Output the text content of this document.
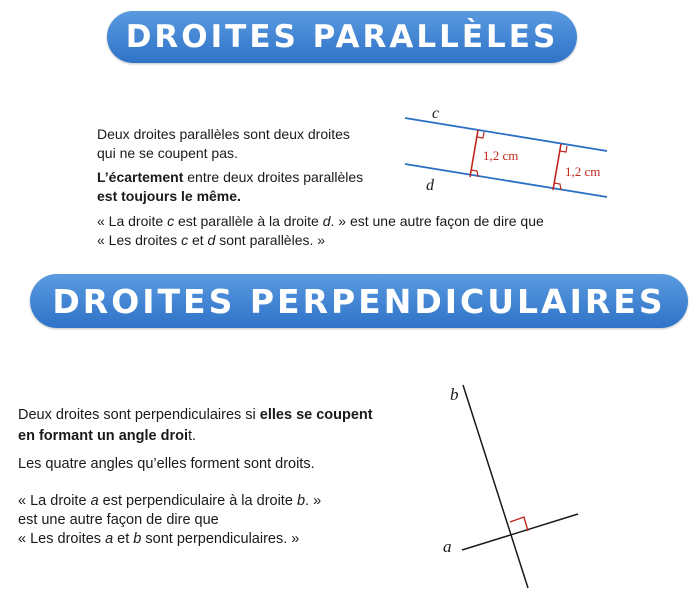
DROITES PARALLÈLES

Deux droites parallèles sont deux droites

qui ne se coupent pas.

L’écartement entre deux droites parallèles

est toujours le même.

« La droite c est parallèle à la droite d. » est une autre façon de dire que

« Les droites c et d sont parallèles. »

c
d
1,2 cm
1,2 cm
DROITES PERPENDICULAIRES

Deux droites sont perpendiculaires si elles se coupent

en formant un angle droit.

Les quatre angles qu’elles forment sont droits.

« La droite a est perpendiculaire à la droite b. »

est une autre façon de dire que

« Les droites a et b sont perpendiculaires. »

b
a
